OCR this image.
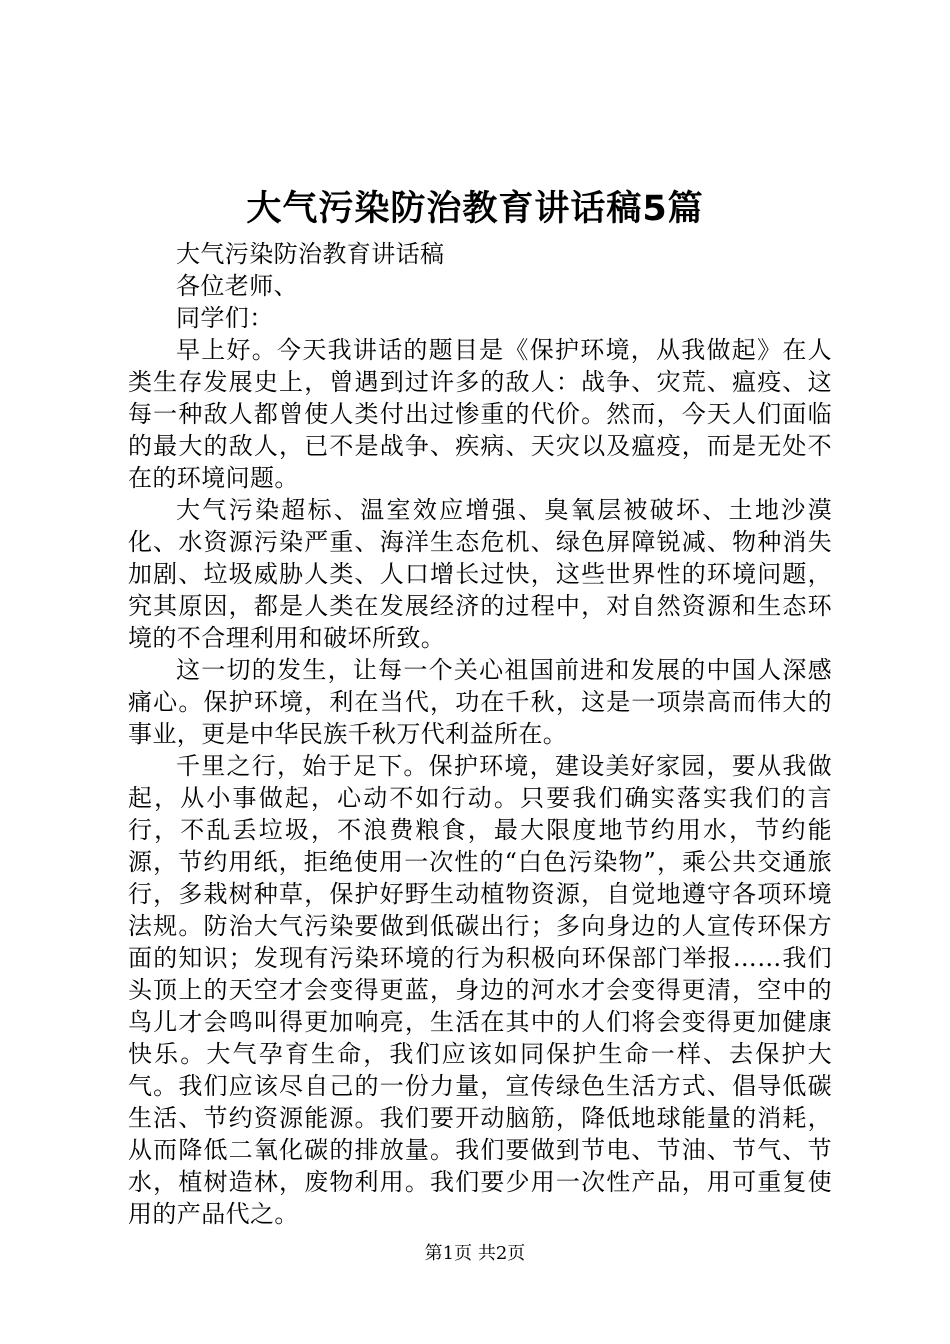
大气污染防治教育讲话稿5篇

大气污染防治教育讲话稿

各位老师、

同学们：

早上好。今天我讲话的题目是《保护环境，从我做起》在人类生存发展史上，曾遇到过许多的敌人：战争、灾荒、瘟疫、这每一种敌人都曾使人类付出过惨重的代价。然而，今天人们面临的最大的敌人，已不是战争、疾病、天灾以及瘟疫，而是无处不在的环境问题。

大气污染超标、温室效应增强、臭氧层被破坏、土地沙漠化、水资源污染严重、海洋生态危机、绿色屏障锐减、物种消失加剧、垃圾威胁人类、人口增长过快，这些世界性的环境问题，究其原因，都是人类在发展经济的过程中，对自然资源和生态环境的不合理利用和破坏所致。

这一切的发生，让每一个关心祖国前进和发展的中国人深感痛心。保护环境，利在当代，功在千秋，这是一项崇高而伟大的事业，更是中华民族千秋万代利益所在。

千里之行，始于足下。保护环境，建设美好家园，要从我做起，从小事做起，心动不如行动。只要我们确实落实我们的言行，不乱丢垃圾，不浪费粮食，最大限度地节约用水，节约能源，节约用纸，拒绝使用一次性的“白色污染物”，乘公共交通旅行，多栽树种草，保护好野生动植物资源，自觉地遵守各项环境法规。防治大气污染要做到低碳出行；多向身边的人宣传环保方面的知识；发现有污染环境的行为积极向环保部门举报……我们头顶上的天空才会变得更蓝，身边的河水才会变得更清，空中的鸟儿才会鸣叫得更加响亮，生活在其中的人们将会变得更加健康快乐。大气孕育生命，我们应该如同保护生命一样、去保护大气。我们应该尽自己的一份力量，宣传绿色生活方式、倡导低碳生活、节约资源能源。我们要开动脑筋，降低地球能量的消耗，从而降低二氧化碳的排放量。我们要做到节电、节油、节气、节水，植树造林，废物利用。我们要少用一次性产品，用可重复使用的产品代之。

第1页 共2页
